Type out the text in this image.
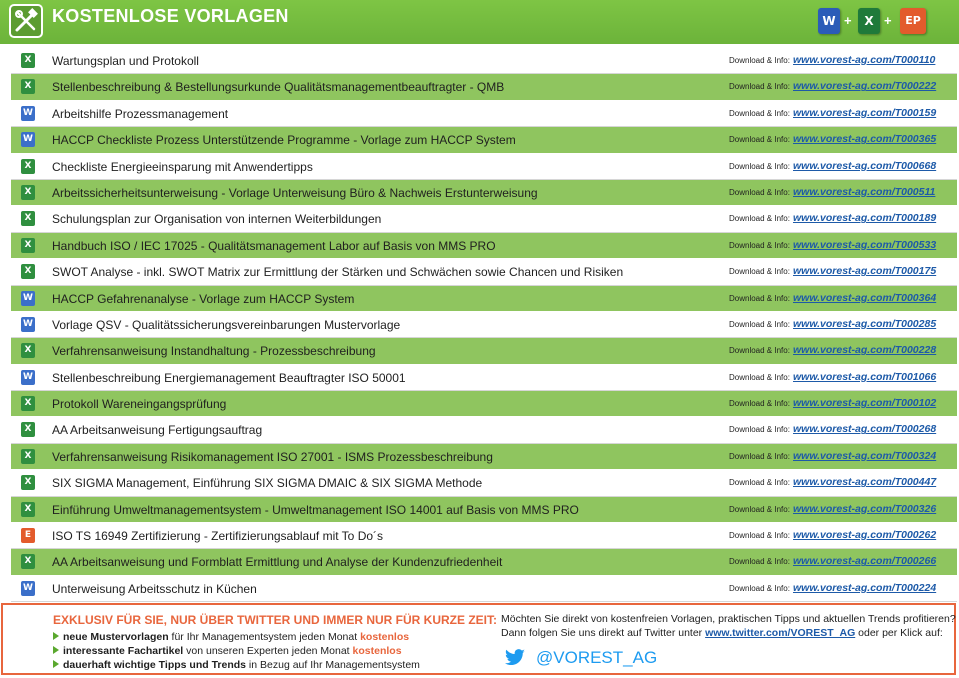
KOSTENLOSE VORLAGEN	W +	X +	EP
X Wartungsplan und Protokoll	Download & Info: www.vorest-ag.com/T000110
X Stellenbeschreibung & Bestellungsurkunde Qualitätsmanagementbeauftragter - QMB	Download & Info: www.vorest-ag.com/T000222
W Arbeitshilfe Prozessmanagement	Download & Info: www.vorest-ag.com/T000159
W HACCP Checkliste Prozess Unterstützende Programme - Vorlage zum HACCP System	Download & Info: www.vorest-ag.com/T000365
X Checkliste Energieeinsparung mit Anwendertipps	Download & Info: www.vorest-ag.com/T000668
X Arbeitssicherheitsunterweisung - Vorlage Unterweisung Büro & Nachweis Erstunterweisung	Download & Info: www.vorest-ag.com/T000511
X Schulungsplan zur Organisation von internen Weiterbildungen	Download & Info: www.vorest-ag.com/T000189
X Handbuch ISO / IEC 17025 - Qualitätsmanagement Labor auf Basis von MMS PRO	Download & Info: www.vorest-ag.com/T000533
X SWOT Analyse - inkl. SWOT Matrix zur Ermittlung der Stärken und Schwächen sowie Chancen und Risiken	Download & Info: www.vorest-ag.com/T000175
W HACCP Gefahrenanalyse - Vorlage zum HACCP System	Download & Info: www.vorest-ag.com/T000364
W Vorlage QSV - Qualitätssicherungsvereinbarungen Mustervorlage	Download & Info: www.vorest-ag.com/T000285
X Verfahrensanweisung Instandhaltung - Prozessbeschreibung	Download & Info: www.vorest-ag.com/T000228
W Stellenbeschreibung Energiemanagement Beauftragter ISO 50001	Download & Info: www.vorest-ag.com/T001066
X Protokoll Wareneingangsprüfung	Download & Info: www.vorest-ag.com/T000102
X AA Arbeitsanweisung Fertigungsauftrag	Download & Info: www.vorest-ag.com/T000268
X Verfahrensanweisung Risikomanagement ISO 27001 - ISMS Prozessbeschreibung	Download & Info: www.vorest-ag.com/T000324
X SIX SIGMA Management, Einführung SIX SIGMA DMAIC & SIX SIGMA Methode	Download & Info: www.vorest-ag.com/T000447
X Einführung Umweltmanagementsystem - Umweltmanagement ISO 14001 auf Basis von MMS PRO	Download & Info: www.vorest-ag.com/T000326
E	ISO TS 16949 Zertifizierung - Zertifizierungsablauf mit To Do´s	Download & Info: www.vorest-ag.com/T000262
X AA Arbeitsanweisung und Formblatt Ermittlung und Analyse der Kundenzufriedenheit	Download & Info: www.vorest-ag.com/T000266
W Unterweisung Arbeitsschutz in Küchen	Download & Info: www.vorest-ag.com/T000224
EXKLUSIV FÜR SIE, NUR ÜBER TWITTER UND IMMER NUR FÜR KURZE ZEIT:
neue Mustervorlagen für Ihr Managementsystem jeden Monat kostenlos
interessante Fachartikel von unseren Experten jeden Monat kostenlos
dauerhaft wichtige Tipps und Trends in Bezug auf Ihr Managementsystem
Möchten Sie direkt von kostenfreien Vorlagen, praktischen Tipps und aktuellen Trends profitieren?
Dann folgen Sie uns direkt auf Twitter unter www.twitter.com/VOREST_AG oder per Klick auf:
@VOREST_AG
